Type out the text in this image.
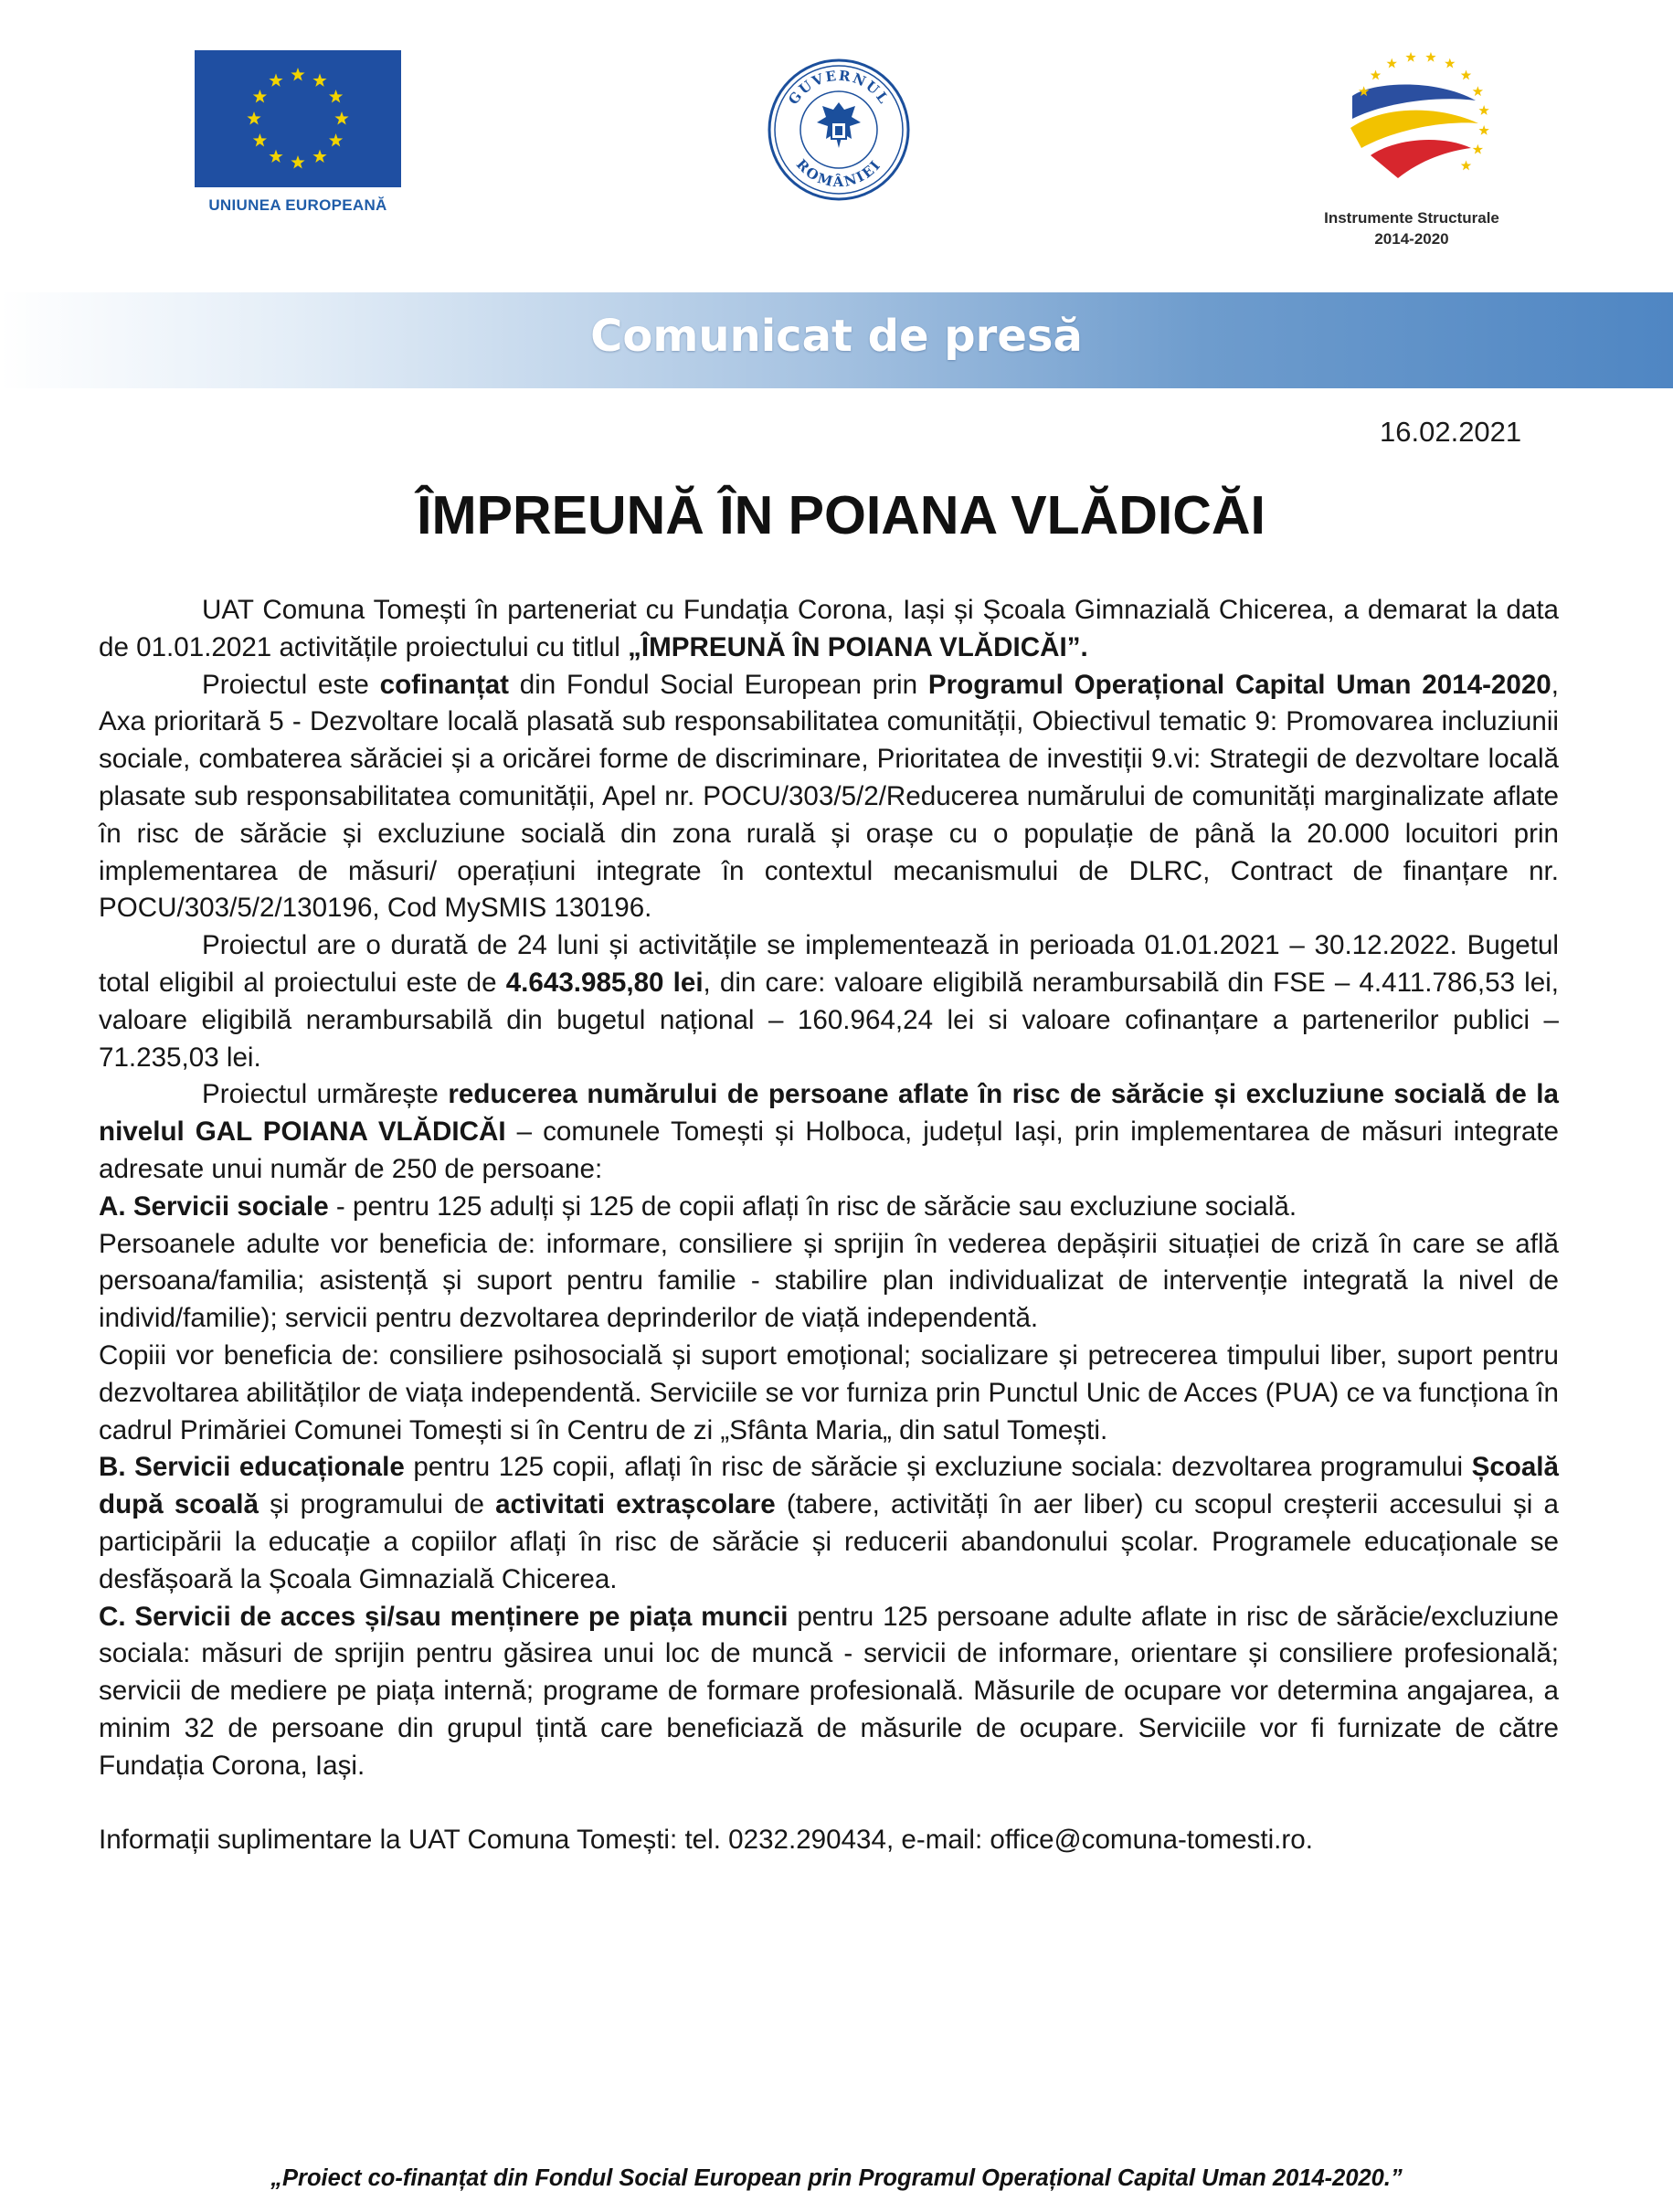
UNIUNEA EUROPEANĂ
GUVERNUL
ROMÂNIEI
Instrumente Structurale
2014-2020
Comunicat de presă
16.02.2021
ÎMPREUNĂ ÎN POIANA VLĂDICĂI

UAT Comuna Tomești în parteneriat cu Fundația Corona, Iași și Școala Gimnazială Chicerea, a demarat la data de 01.01.2021 activitățile proiectului cu titlul „ÎMPREUNĂ ÎN POIANA VLĂDICĂI”.

Proiectul este cofinanțat din Fondul Social European prin Programul Operațional Capital Uman 2014-2020, Axa prioritară 5 - Dezvoltare locală plasată sub responsabilitatea comunității, Obiectivul tematic 9: Promovarea incluziunii sociale, combaterea sărăciei și a oricărei forme de discriminare, Prioritatea de investiții 9.vi: Strategii de dezvoltare locală plasate sub responsabilitatea comunității, Apel nr. POCU/303/5/2/Reducerea numărului de comunități marginalizate aflate în risc de sărăcie și excluziune socială din zona rurală și orașe cu o populație de până la 20.000 locuitori prin implementarea de măsuri/ operațiuni integrate în contextul mecanismului de DLRC, Contract de finanțare nr. POCU/303/5/2/130196, Cod MySMIS 130196.

Proiectul are o durată de 24 luni și activitățile se implementează in perioada 01.01.2021 – 30.12.2022. Bugetul total eligibil al proiectului este de 4.643.985,80 lei, din care: valoare eligibilă nerambursabilă din FSE – 4.411.786,53 lei, valoare eligibilă nerambursabilă din bugetul național – 160.964,24 lei si valoare cofinanțare a partenerilor publici – 71.235,03 lei.

Proiectul urmărește reducerea numărului de persoane aflate în risc de sărăcie și excluziune socială de la nivelul GAL POIANA VLĂDICĂI – comunele Tomești și Holboca, județul Iași, prin implementarea de măsuri integrate adresate unui număr de 250 de persoane:

A. Servicii sociale - pentru 125 adulți și 125 de copii aflați în risc de sărăcie sau excluziune socială.

Persoanele adulte vor beneficia de: informare, consiliere și sprijin în vederea depășirii situației de criză în care se află persoana/familia; asistență și suport pentru familie - stabilire plan individualizat de intervenție integrată la nivel de individ/familie); servicii pentru dezvoltarea deprinderilor de viață independentă.

Copiii vor beneficia de: consiliere psihosocială și suport emoțional; socializare și petrecerea timpului liber, suport pentru dezvoltarea abilităților de viața independentă. Serviciile se vor furniza prin Punctul Unic de Acces (PUA) ce va funcționa în cadrul Primăriei Comunei Tomești si în Centru de zi „Sfânta Maria„ din satul Tomești.

B. Servicii educaționale pentru 125 copii, aflați în risc de sărăcie și excluziune sociala: dezvoltarea programului Școală după scoală și programului de activitati extrașcolare (tabere, activități în aer liber) cu scopul creșterii accesului și a participării la educație a copiilor aflați în risc de sărăcie și reducerii abandonului școlar. Programele educaționale se desfășoară la Școala Gimnazială Chicerea.

C. Servicii de acces și/sau menținere pe piața muncii pentru 125 persoane adulte aflate in risc de sărăcie/excluziune sociala: măsuri de sprijin pentru găsirea unui loc de muncă - servicii de informare, orientare și consiliere profesională; servicii de mediere pe piața internă; programe de formare profesională. Măsurile de ocupare vor determina angajarea, a minim 32 de persoane din grupul țintă care beneficiază de măsurile de ocupare. Serviciile vor fi furnizate de către Fundația Corona, Iași.

Informații suplimentare la UAT Comuna Tomești: tel. 0232.290434, e-mail: office@comuna-tomesti.ro.

„Proiect co-finanțat din Fondul Social European prin Programul Operațional Capital Uman 2014-2020.”
